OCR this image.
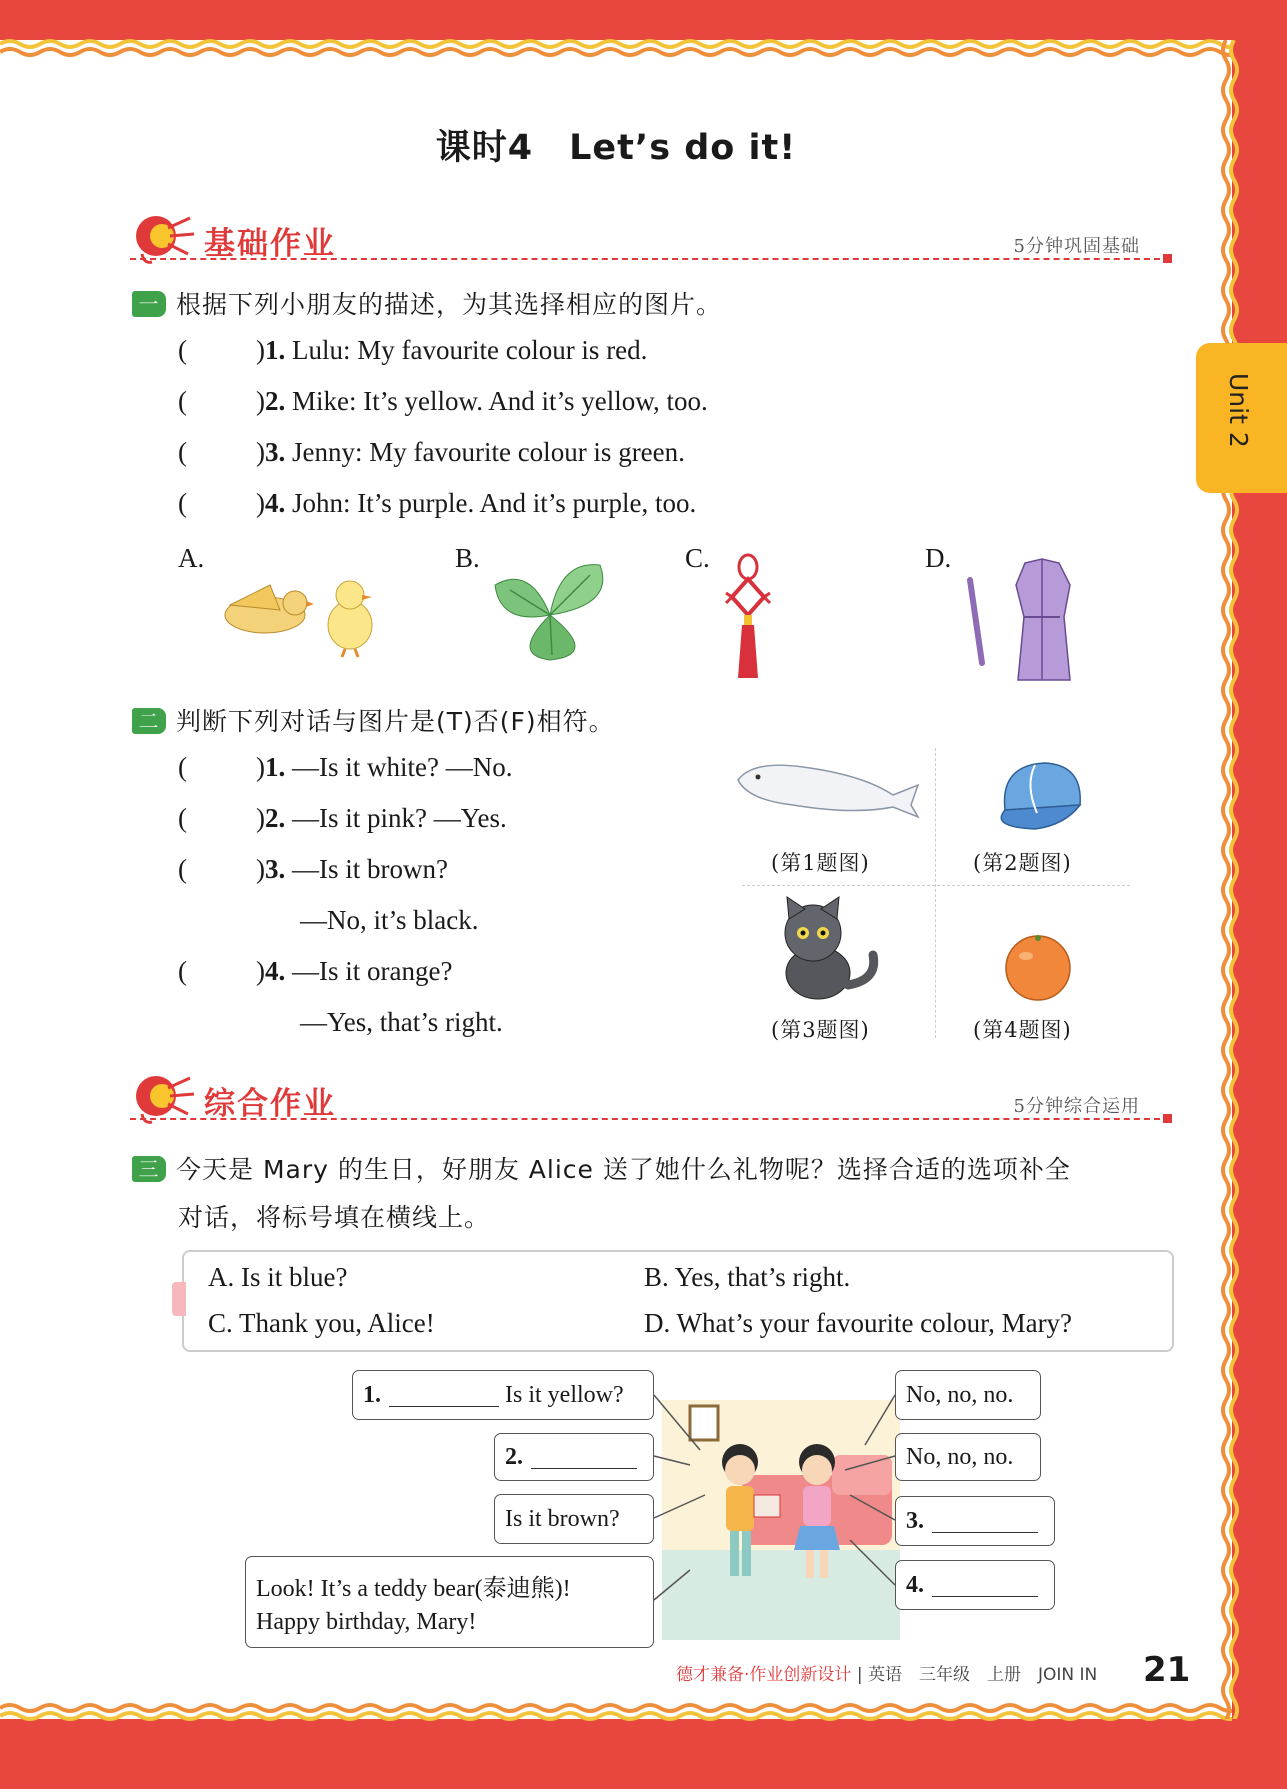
Unit 2
课时4　Let’s do it!
基础作业	5分钟巩固基础
一 根据下列小朋友的描述，为其选择相应的图片。
(	)1. Lulu: My favourite colour is red.
(	)2. Mike: It’s yellow. And it’s yellow, too.
(	)3. Jenny: My favourite colour is green.
(	)4. John: It’s purple. And it’s purple, too.
A.	B.	C.	D.
二 判断下列对话与图片是(T)否(F)相符。
(	)1. —Is it white? —No.
(	)2. —Is it pink? —Yes.
(	)3. —Is it brown?
—No, it’s black.
(	)4. —Is it orange?
—Yes, that’s right.
(第1题图)	(第2题图)
(第3题图)	(第4题图)
综合作业	5分钟综合运用
三 今天是 Mary 的生日，好朋友 Alice 送了她什么礼物呢？选择合适的选项补全
对话，将标号填在横线上。
A. Is it blue?	B. Yes, that’s right.
C. Thank you, Alice!	D. What’s your favourite colour, Mary?
1.	Is it yellow?
2.
Is it brown?
Look! It’s a teddy bear(泰迪熊)!
Happy birthday, Mary!
No, no, no.
No, no, no.
3.
4.
德才兼备·作业创新设计 | 英语　三年级　上册　JOIN IN 21
